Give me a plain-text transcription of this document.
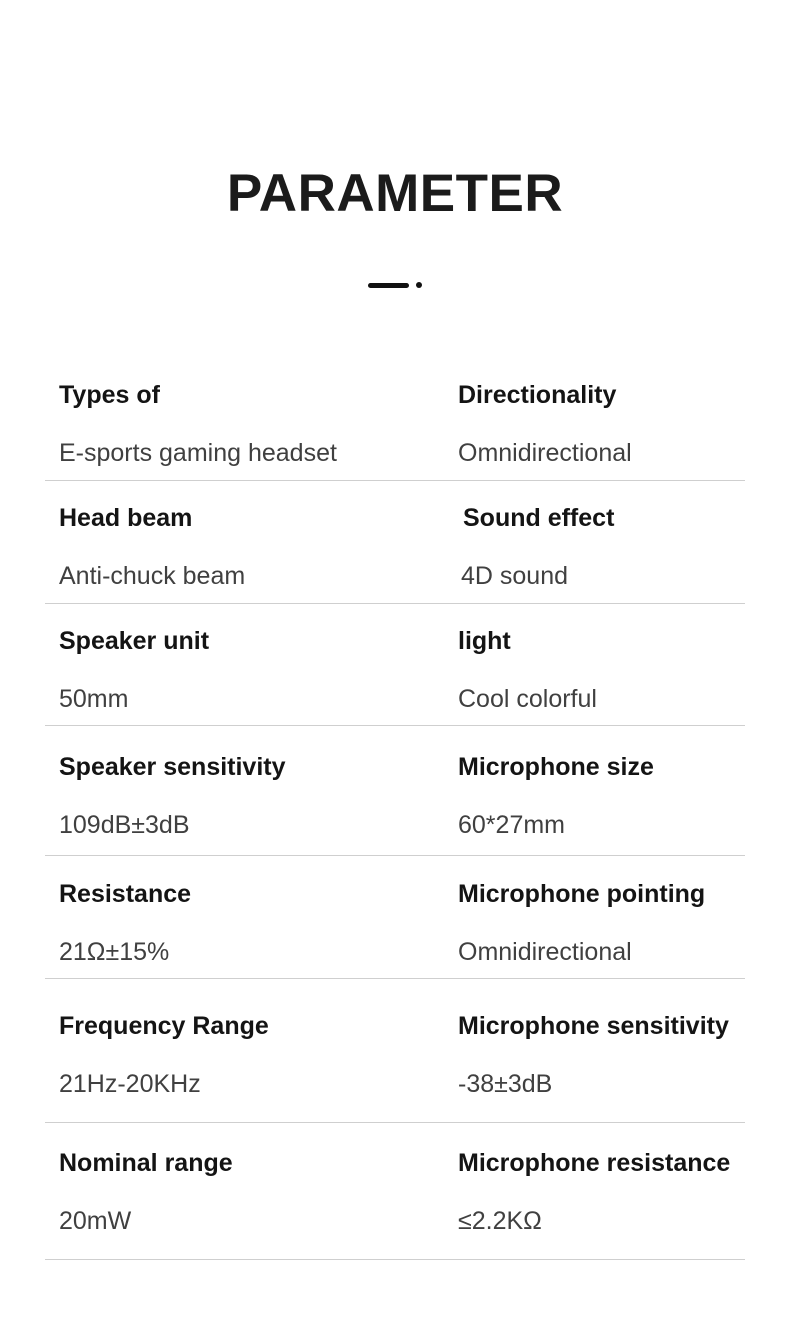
PARAMETER
Types of
E-sports gaming headset
Directionality
Omnidirectional
Head beam
Anti-chuck beam
Sound effect
4D sound
Speaker unit
50mm
light
Cool colorful
Speaker sensitivity
109dB±3dB
Microphone size
60*27mm
Resistance
21Ω±15%
Microphone pointing
Omnidirectional
Frequency Range
21Hz-20KHz
Microphone sensitivity
-38±3dB
Nominal range
20mW
Microphone resistance
≤2.2KΩ
